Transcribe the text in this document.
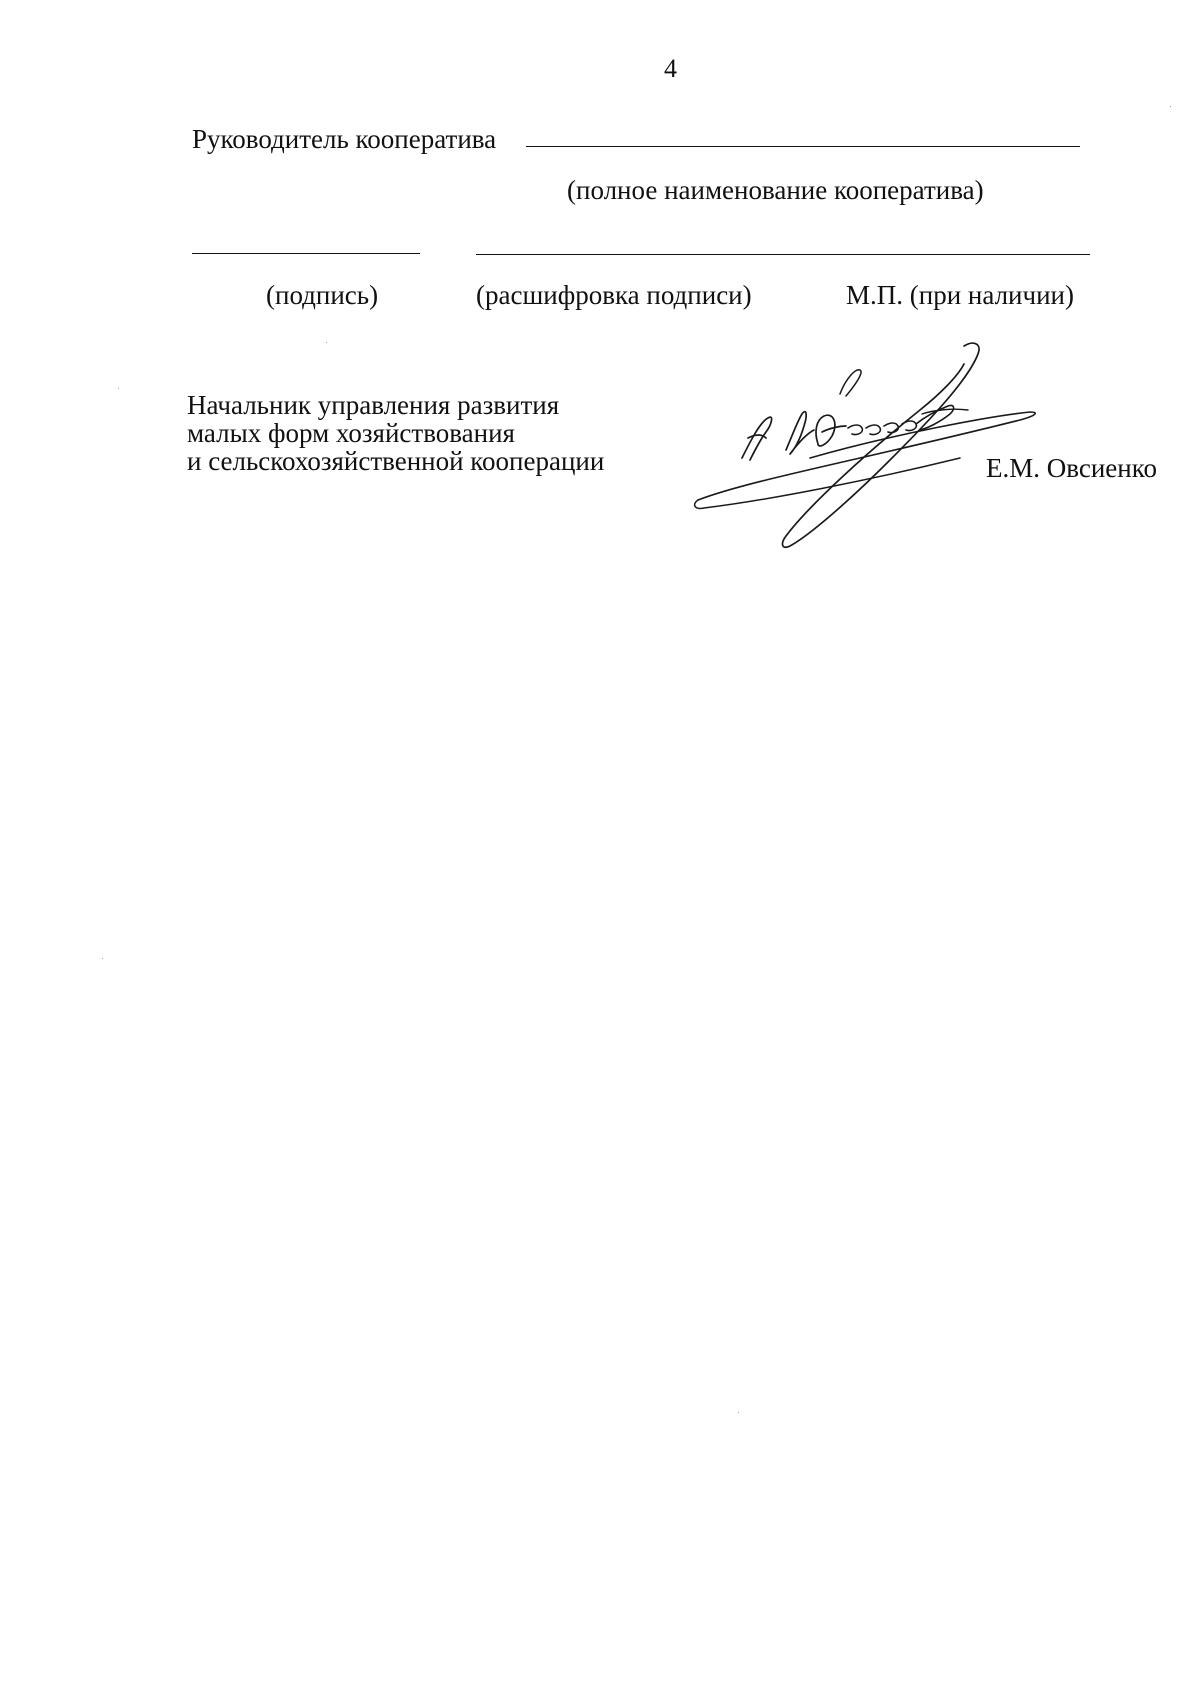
4
Руководитель кооператива
(полное наименование кооператива)
(подпись)	(расшифровка подписи)	М.П. (при наличии)
Начальник управления развития
малых форм хозяйствования
и сельскохозяйственной кооперации	Е.М. Овсиенко
